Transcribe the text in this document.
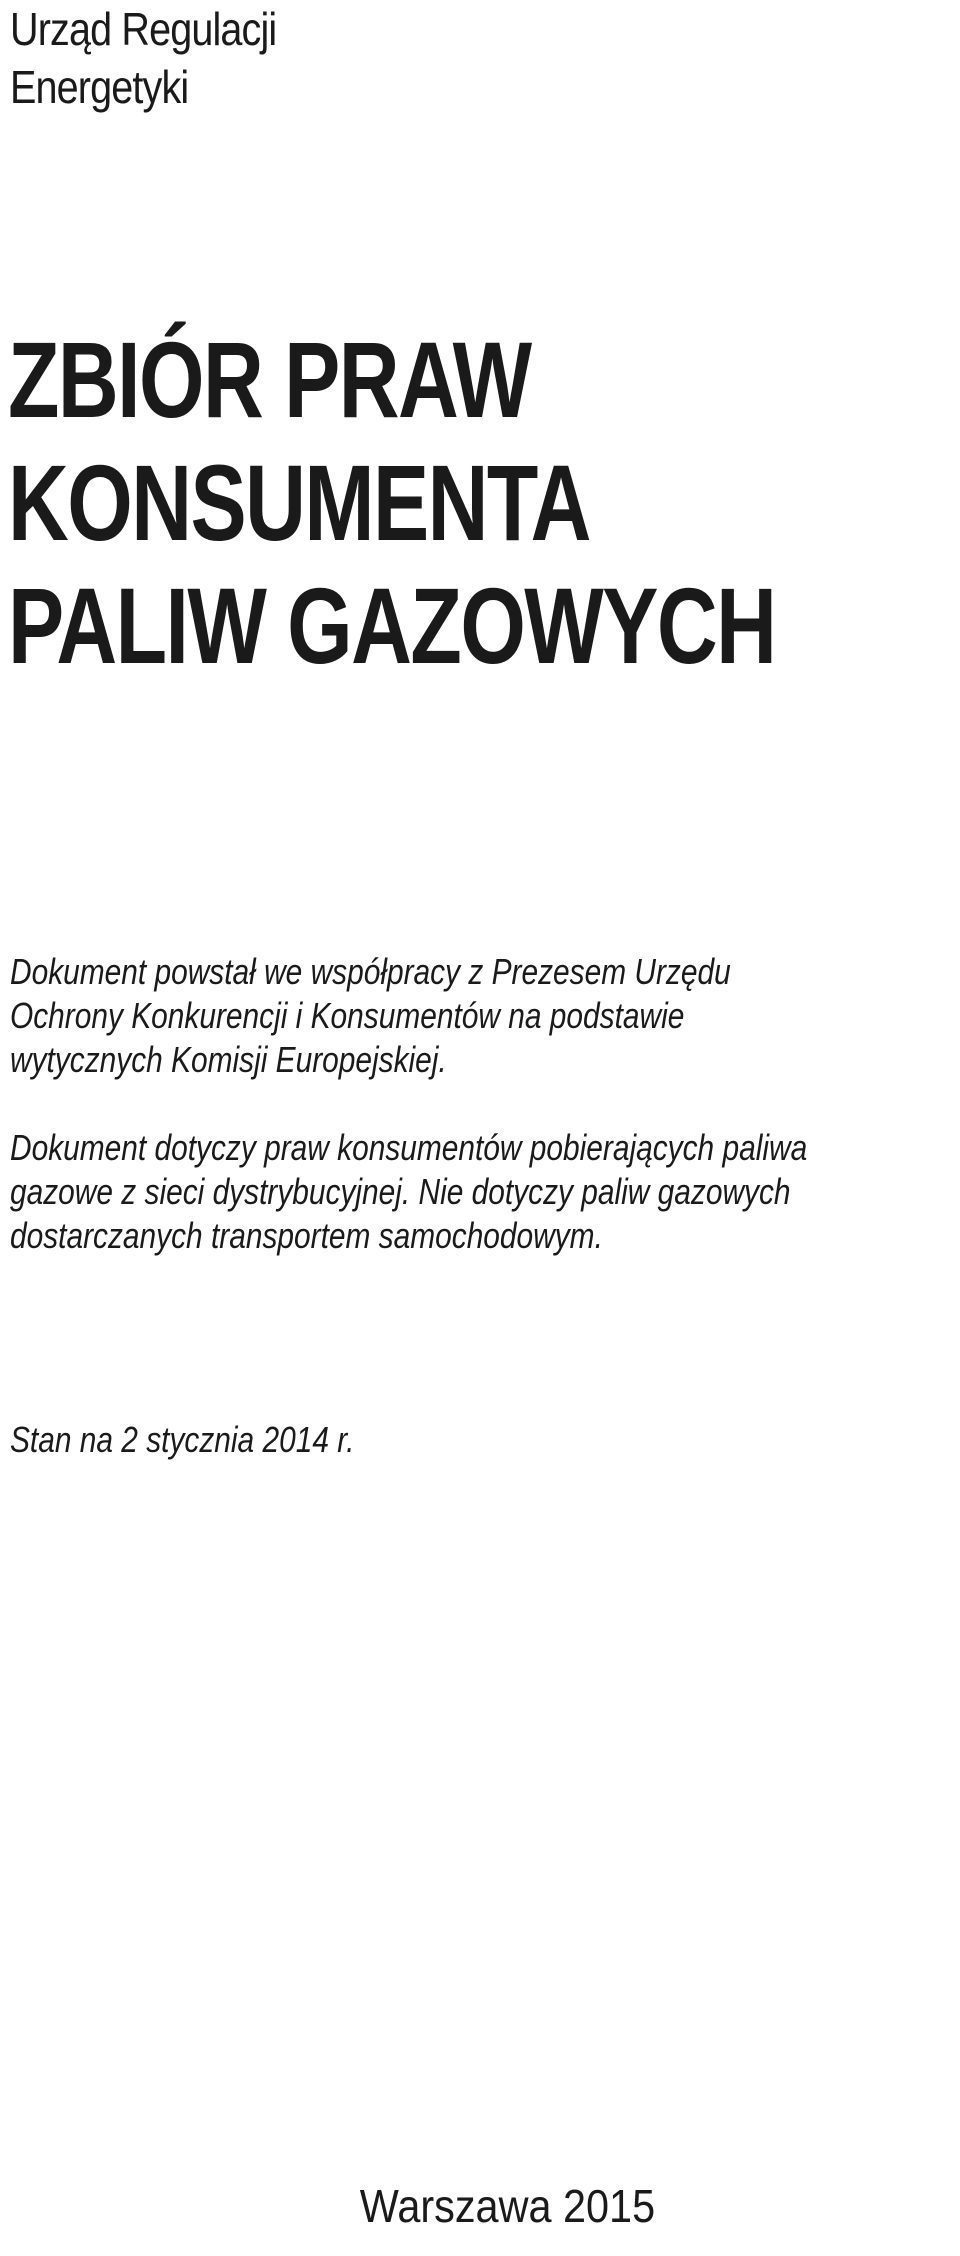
Urząd Regulacji
Energetyki
ZBIÓR PRAW
KONSUMENTA
PALIW GAZOWYCH
Dokument powstał we współpracy z Prezesem Urzędu
Ochrony Konkurencji i Konsumentów na podstawie
wytycznych Komisji Europejskiej.
Dokument dotyczy praw konsumentów pobierających paliwa
gazowe z sieci dystrybucyjnej. Nie dotyczy paliw gazowych
dostarczanych transportem samochodowym.
Stan na 2 stycznia 2014 r.
Warszawa 2015
